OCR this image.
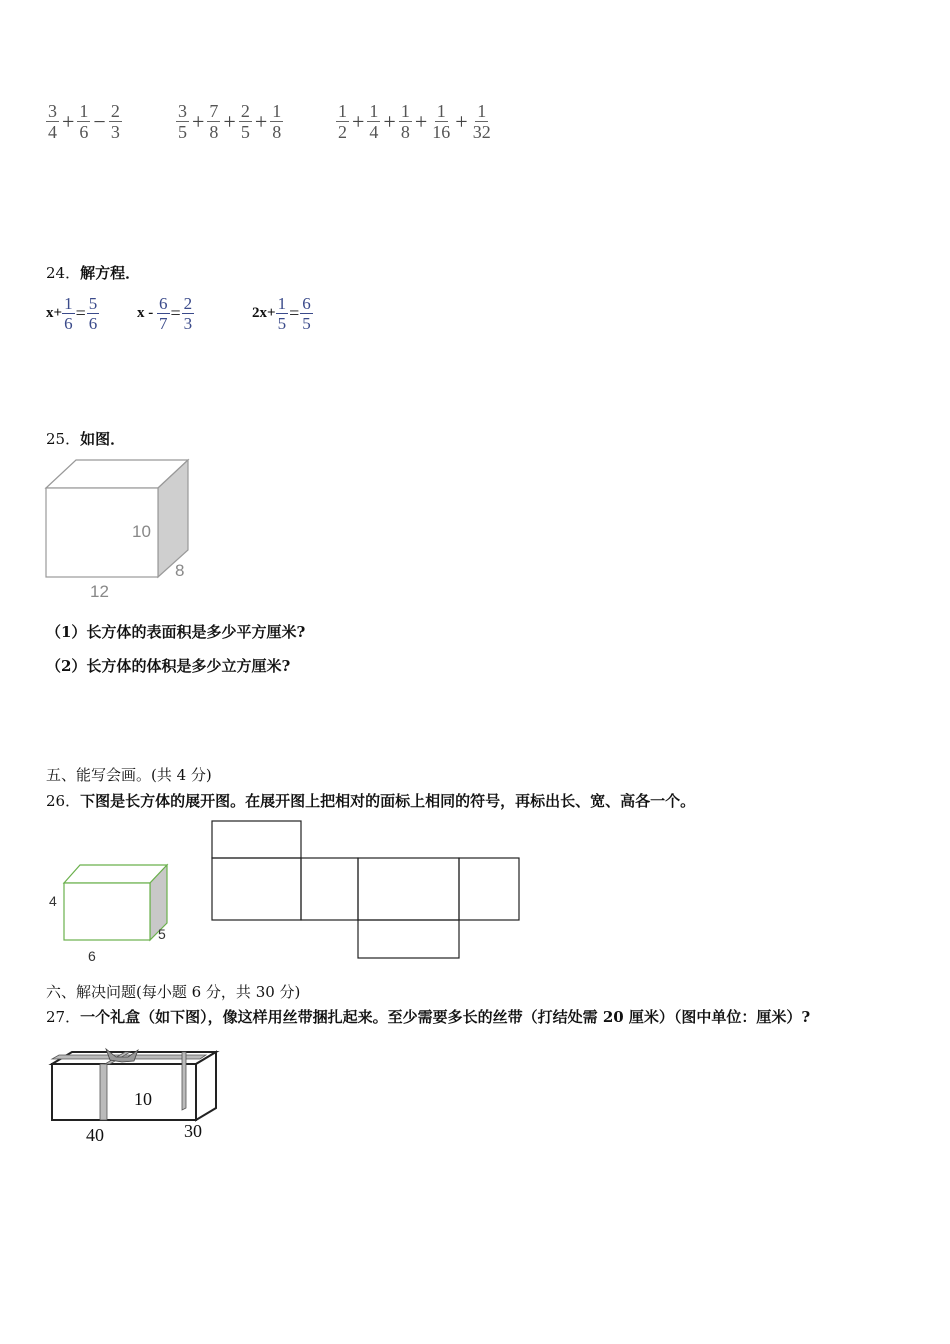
$\frac{3}{4} + \frac{1}{6} - \frac{2}{3}$	$\frac{3}{5} + \frac{7}{8} + \frac{2}{5} + \frac{1}{8}$	$\frac{1}{2} + \frac{1}{4} + \frac{1}{8} + \frac{1}{16} + \frac{1}{32}$
24．解方程．
$x+ \frac{1}{6} = \frac{5}{6}$	$x - \frac{6}{7} = \frac{2}{3}$	$2x+ \frac{1}{5} = \frac{6}{5}$
25．如图．
10
12
8
（1）长方体的表面积是多少平方厘米?
（2）长方体的体积是多少立方厘米?
五、能写会画。(共 4 分)
26．下图是长方体的展开图。在展开图上把相对的面标上相同的符号，再标出长、宽、高各一个。
4
6
5
六、解决问题(每小题 6 分，共 30 分)
27．一个礼盒（如下图），像这样用丝带捆扎起来。至少需要多长的丝带（打结处需 20 厘米）（图中单位：厘米）?
10
40	30
